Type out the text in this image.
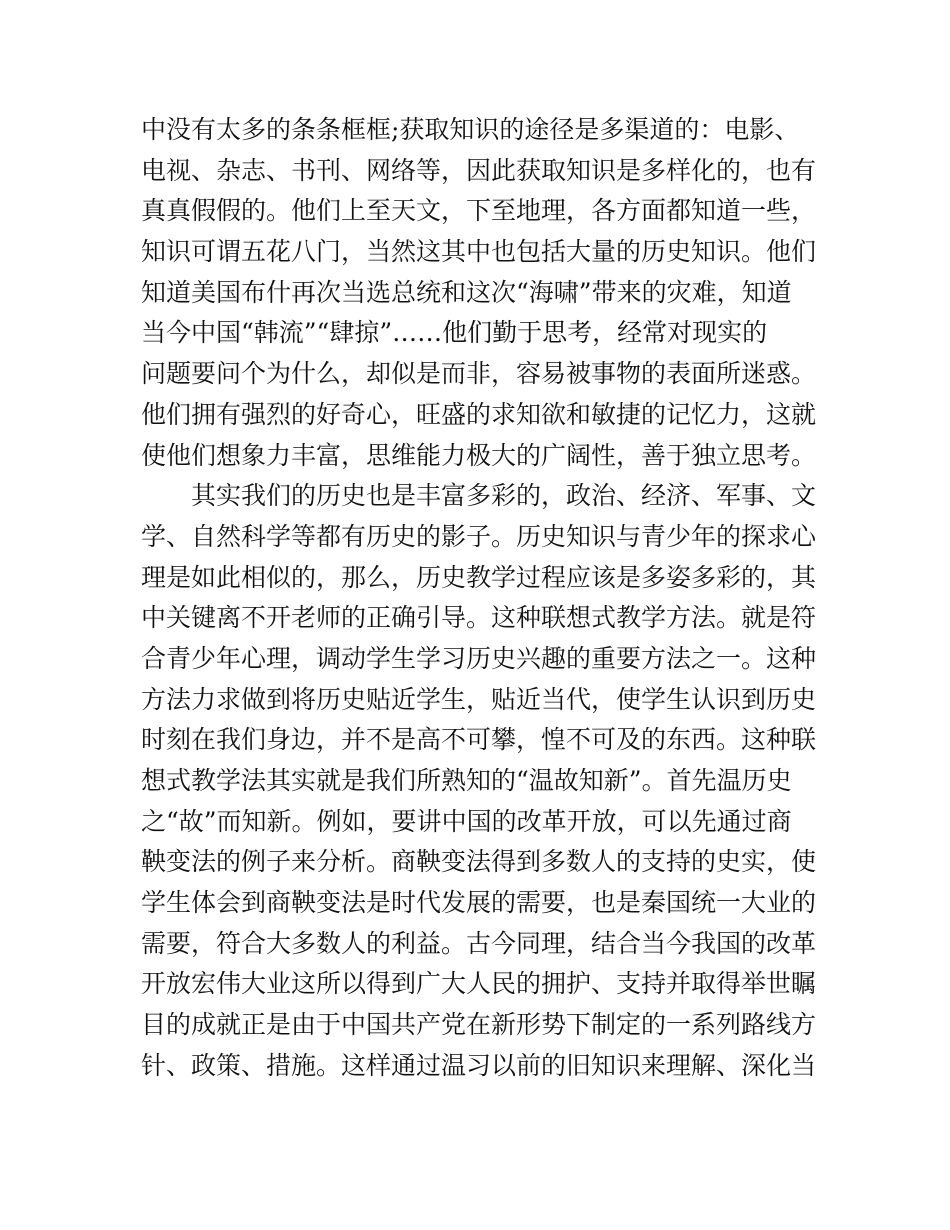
中没有太多的条条框框;获取知识的途径是多渠道的：电影、
电视、杂志、书刊、网络等，因此获取知识是多样化的，也有
真真假假的。他们上至天文，下至地理，各方面都知道一些，
知识可谓五花八门，当然这其中也包括大量的历史知识。他们
知道美国布什再次当选总统和这次“海啸”带来的灾难，知道
当今中国“韩流”“肆掠”……他们勤于思考，经常对现实的
问题要问个为什么，却似是而非，容易被事物的表面所迷惑。
他们拥有强烈的好奇心，旺盛的求知欲和敏捷的记忆力，这就
使他们想象力丰富，思维能力极大的广阔性，善于独立思考。
其实我们的历史也是丰富多彩的，政治、经济、军事、文
学、自然科学等都有历史的影子。历史知识与青少年的探求心
理是如此相似的，那么，历史教学过程应该是多姿多彩的，其
中关键离不开老师的正确引导。这种联想式教学方法。就是符
合青少年心理，调动学生学习历史兴趣的重要方法之一。这种
方法力求做到将历史贴近学生，贴近当代，使学生认识到历史
时刻在我们身边，并不是高不可攀，惶不可及的东西。这种联
想式教学法其实就是我们所熟知的“温故知新”。首先温历史
之“故”而知新。例如，要讲中国的改革开放，可以先通过商
鞅变法的例子来分析。商鞅变法得到多数人的支持的史实，使
学生体会到商鞅变法是时代发展的需要，也是秦国统一大业的
需要，符合大多数人的利益。古今同理，结合当今我国的改革
开放宏伟大业这所以得到广大人民的拥护、支持并取得举世瞩
目的成就正是由于中国共产党在新形势下制定的一系列路线方
针、政策、措施。这样通过温习以前的旧知识来理解、深化当
